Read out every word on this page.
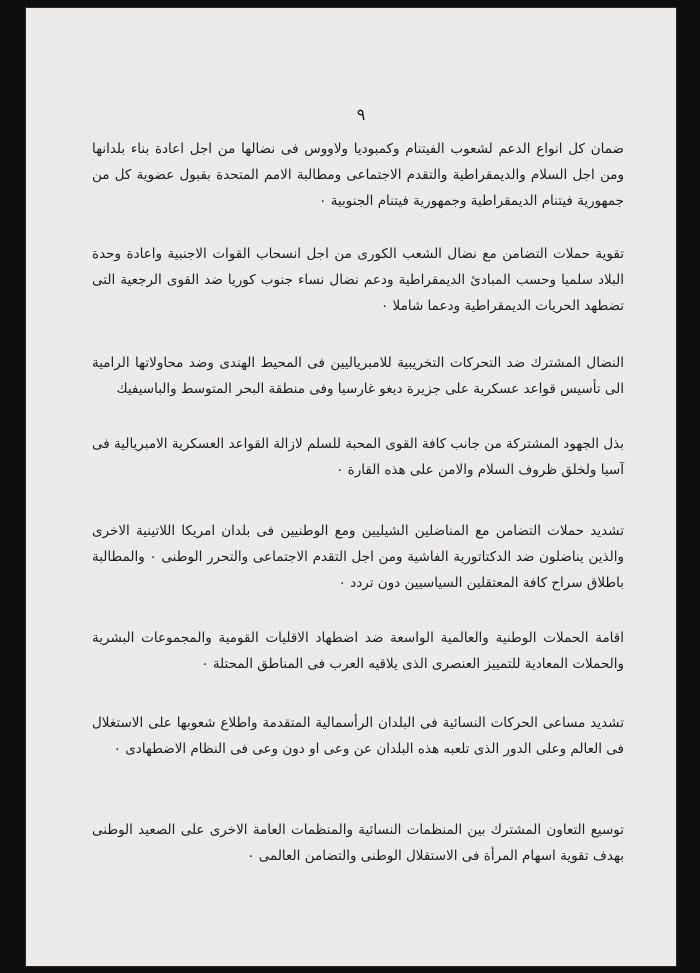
٩

ضمان كل انواع الدعم لشعوب الفيتنام وكمبوديا ولاووس فى نضالها من اجل اعادة بناء بلدانها ومن اجل السلام والديمقراطية والتقدم الاجتماعى ومطالبة الامم المتحدة بقبول عضوية كل من جمهورية فيتنام الديمقراطية وجمهورية فيتنام الجنوبية ٠

تقوية حملات التضامن مع نضال الشعب الكورى من اجل انسحاب القوات الاجنبية واعادة وحدة البلاد سلميا وحسب المبادئ الديمقراطية ودعم نضال نساء جنوب كوريا ضد القوى الرجعية التى تضطهد الحريات الديمقراطية ودعما شاملا ٠

النضال المشترك ضد التحركات التخريبية للامبرياليين فى المحيط الهندى وضد محاولاتها الرامية الى تأسيس قواعد عسكرية على جزيرة ديغو غارسيا وفى منطقة البحر المتوسط والباسيفيك

بذل الجهود المشتركة من جانب كافة القوى المحبة للسلم لازالة القواعد العسكرية الامبريالية فى آسيا ولخلق ظروف السلام والامن على هذه القارة ٠

تشديد حملات التضامن مع المناضلين الشيليين ومع الوطنيين فى بلدان امريكا اللاتينية الاخرى والذين يناضلون ضد الدكتاتورية الفاشية ومن اجل التقدم الاجتماعى والتحرر الوطنى ٠ والمطالبة باطلاق سراح كافة المعتقلين السياسيين دون تردد ٠

اقامة الحملات الوطنية والعالمية الواسعة ضد اضطهاد الاقليات القومية والمجموعات البشرية والحملات المعادية للتمييز العنصرى الذى يلاقيه العرب فى المناطق المحتلة ٠

تشديد مساعى الحركات النسائية فى البلدان الرأسمالية المتقدمة واطلاع شعوبها على الاستغلال فى العالم وعلى الدور الذى تلعبه هذه البلدان عن وعى او دون وعى فى النظام الاضطهادى ٠

توسيع التعاون المشترك بين المنظمات النسائية والمنظمات العامة الاخرى على الصعيد الوطنى بهدف تقوية اسهام المرأة فى الاستقلال الوطنى والتضامن العالمى ٠
